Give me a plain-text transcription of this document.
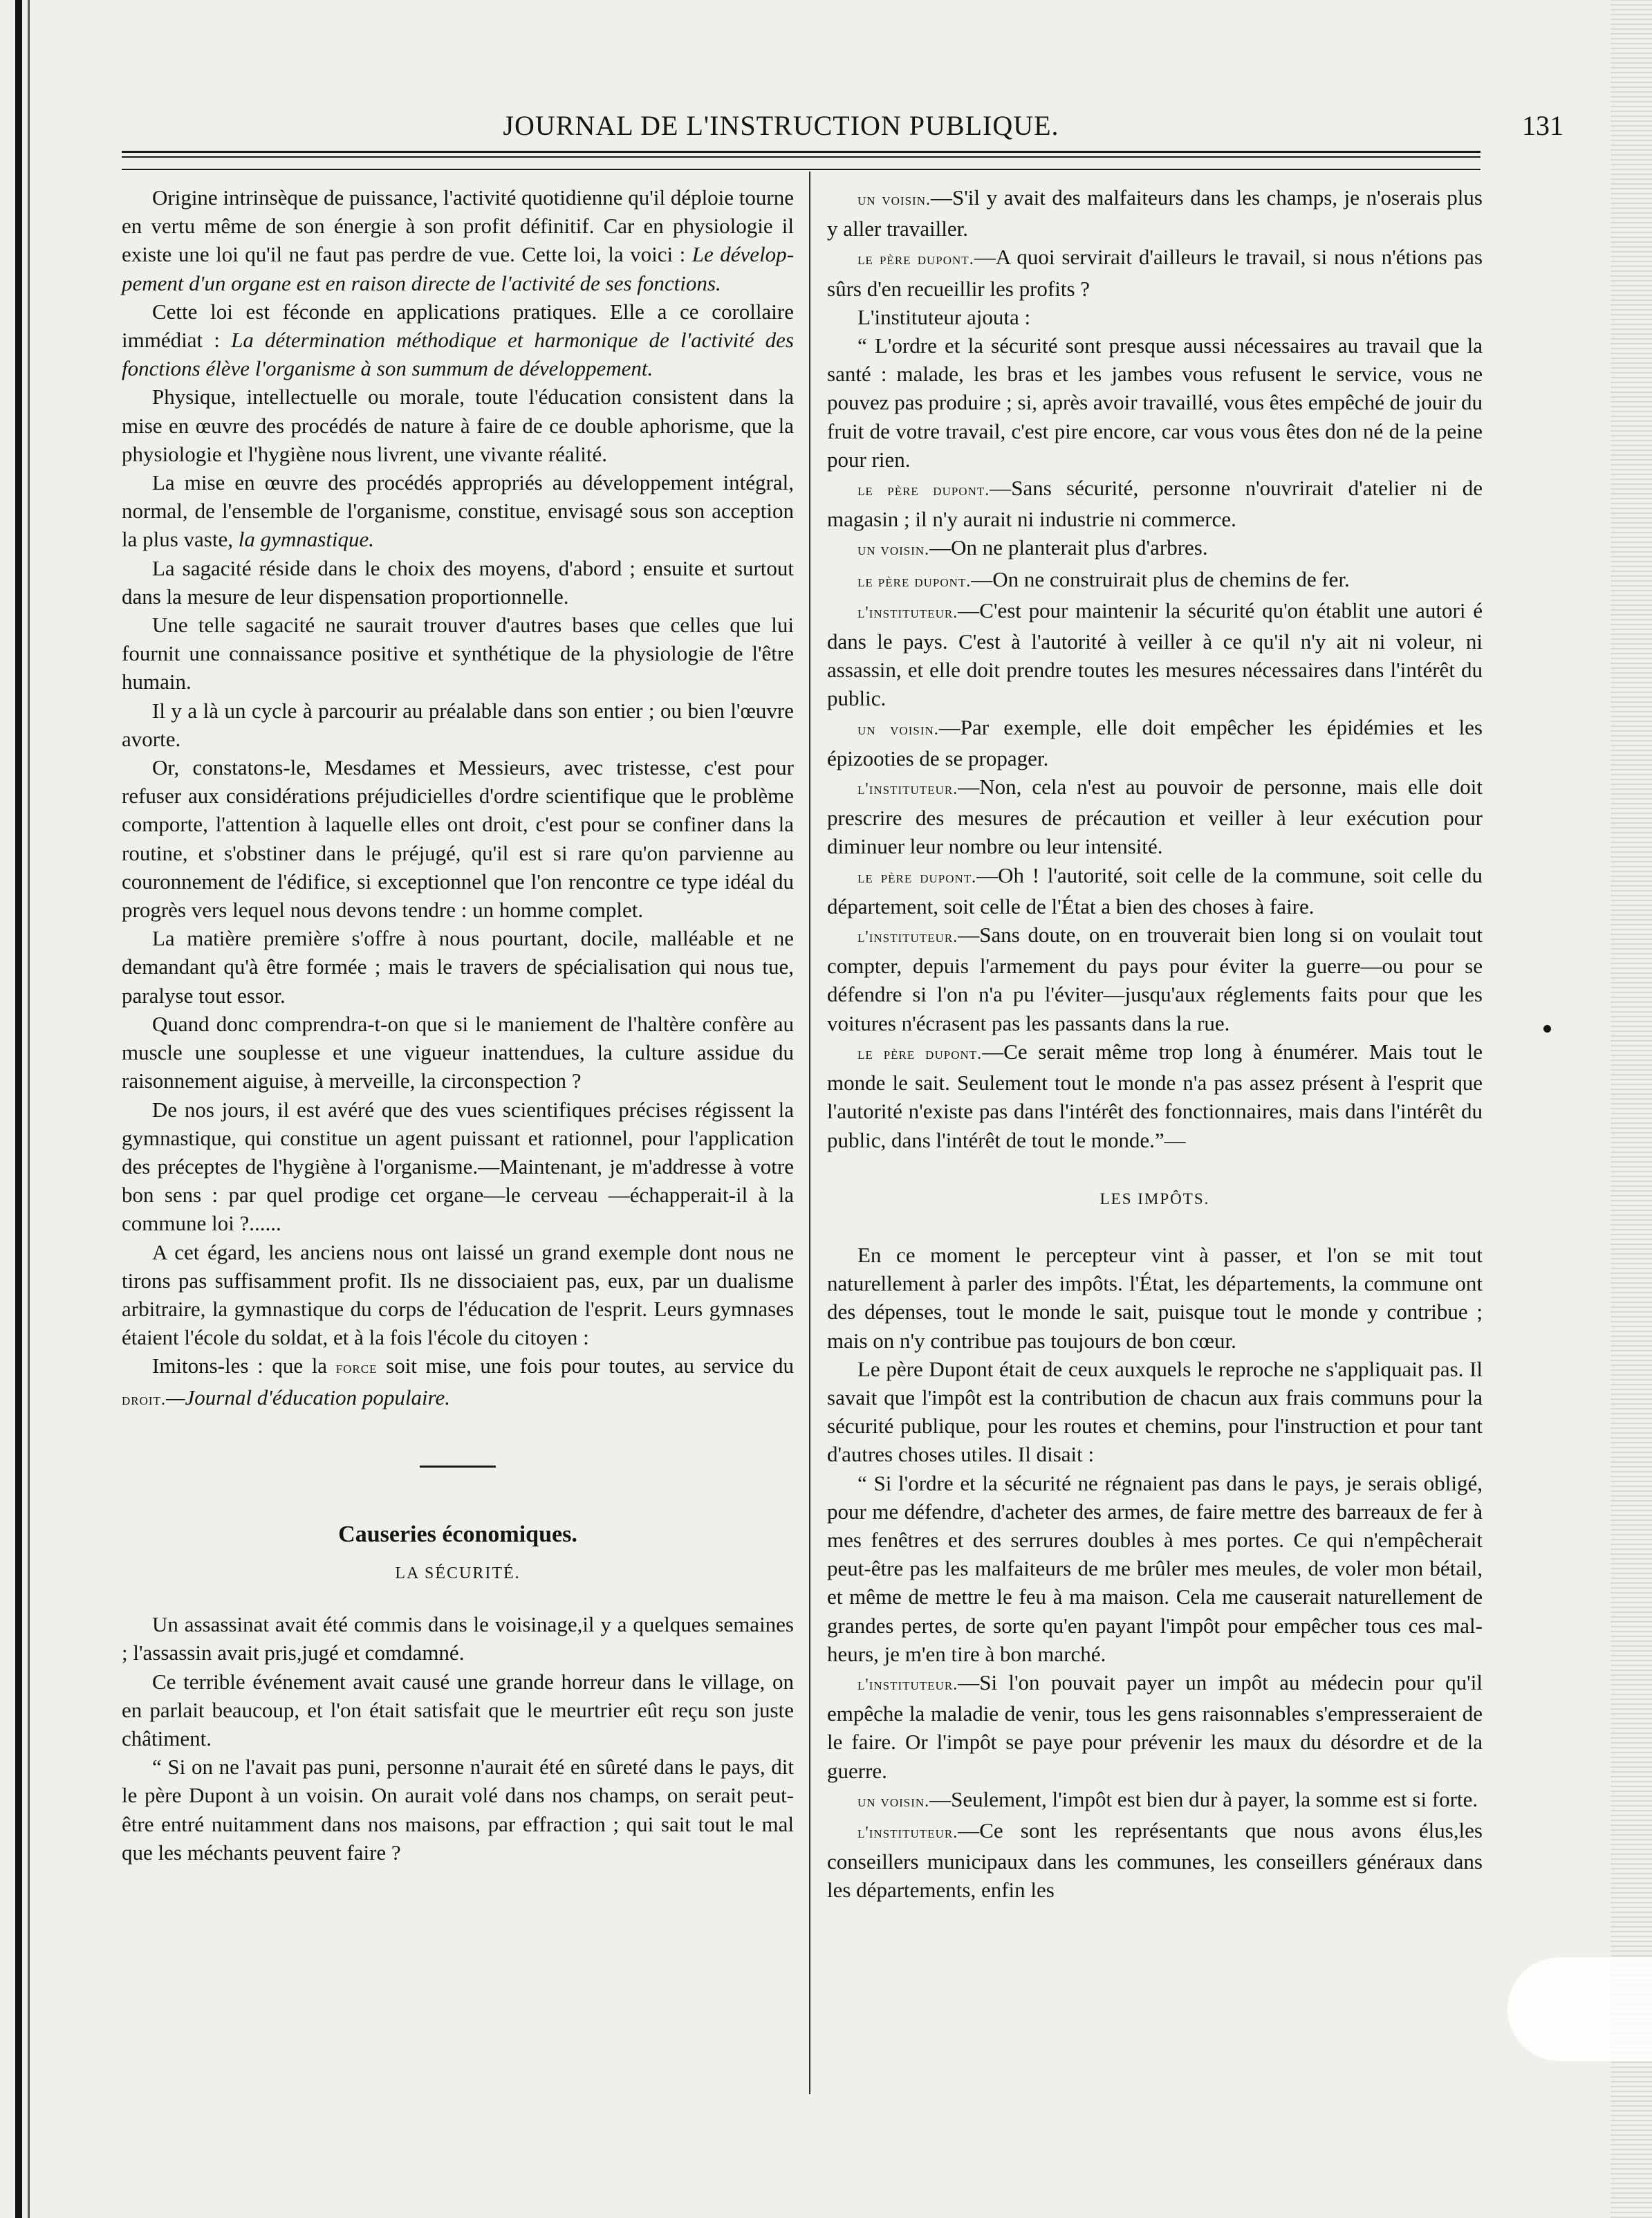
JOURNAL DE L'INSTRUCTION PUBLIQUE.	131

Origine intrinsèque de puissance, l'activité quotidienne qu'il déploie tourne en vertu même de son énergie à son profit définitif. Car en physiologie il existe une loi qu'il ne faut pas perdre de vue. Cette loi, la voici : Le développement d'un organe est en raison directe de l'activité de ses fonctions.

Cette loi est féconde en applications pratiques. Elle a ce corollaire immédiat : La détermination méthodique et harmonique de l'activité des fonctions élève l'organisme à son summum de développement.

Physique, intellectuelle ou morale, toute l'éducation consistent dans la mise en œuvre des procédés de nature à faire de ce double aphorisme, que la physiologie et l'hygiène nous livrent, une vivante réalité.

La mise en œuvre des procédés appropriés au développement intégral, normal, de l'ensemble de l'organisme, constitue, envisagé sous son acception la plus vaste, la gymnastique.

La sagacité réside dans le choix des moyens, d'abord ; ensuite et surtout dans la mesure de leur dispensation proportionnelle.

Une telle sagacité ne saurait trouver d'autres bases que celles que lui fournit une connaissance positive et synthétique de la physiologie de l'être humain.

Il y a là un cycle à parcourir au préalable dans son entier ; ou bien l'œuvre avorte.

Or, constatons-le, Mesdames et Messieurs, avec tristesse, c'est pour refuser aux considérations préjudicielles d'ordre scientifique que le problème comporte, l'attention à laquelle elles ont droit, c'est pour se confiner dans la routine, et s'obstiner dans le préjugé, qu'il est si rare qu'on parvienne au couronnement de l'édifice, si exceptionnel que l'on rencontre ce type idéal du progrès vers lequel nous devons tendre : un homme complet.

La matière première s'offre à nous pourtant, docile, malléable et ne demandant qu'à être formée ; mais le travers de spécialisation qui nous tue, paralyse tout essor.

Quand donc comprendra-t-on que si le maniement de l'haltère confère au muscle une souplesse et une vigueur inattendues, la culture assidue du raisonnement aiguise, à merveille, la circonspection ?

De nos jours, il est avéré que des vues scientifiques précises régissent la gymnastique, qui constitue un agent puissant et rationnel, pour l'application des préceptes de l'hygiène à l'organisme.—Maintenant, je m'addresse à votre bon sens : par quel prodige cet organe—le cerveau —échapperait-il à la commune loi ?......

A cet égard, les anciens nous ont laissé un grand exemple dont nous ne tirons pas suffisamment profit. Ils ne dissociaient pas, eux, par un dualisme arbitraire, la gymnastique du corps de l'éducation de l'esprit. Leurs gymnases étaient l'école du soldat, et à la fois l'école du citoyen :

Imitons-les : que la force soit mise, une fois pour toutes, au service du droit.—Journal d'éducation populaire.

Causeries économiques.

LA SÉCURITÉ.

Un assassinat avait été commis dans le voisinage,il y a quelques semaines ; l'assassin avait pris,jugé et comdamné.

Ce terrible événement avait causé une grande horreur dans le village, on en parlait beaucoup, et l'on était satisfait que le meurtrier eût reçu son juste châtiment.

“ Si on ne l'avait pas puni, personne n'aurait été en sûreté dans le pays, dit le père Dupont à un voisin. On aurait volé dans nos champs, on serait peut-être entré nuitamment dans nos maisons, par effraction ; qui sait tout le mal que les méchants peuvent faire ?

un voisin.—S'il y avait des malfaiteurs dans les champs, je n'oserais plus y aller travailler.

le père dupont.—A quoi servirait d'ailleurs le travail, si nous n'étions pas sûrs d'en recueillir les profits ?

L'instituteur ajouta :

“ L'ordre et la sécurité sont presque aussi nécessaires au travail que la santé : malade, les bras et les jambes vous refusent le service, vous ne pouvez pas produire ; si, après avoir travaillé, vous êtes empêché de jouir du fruit de votre travail, c'est pire encore, car vous vous êtes don né de la peine pour rien.

le père dupont.—Sans sécurité, personne n'ouvrirait d'atelier ni de magasin ; il n'y aurait ni industrie ni commerce.

un voisin.—On ne planterait plus d'arbres.

le père dupont.—On ne construirait plus de chemins de fer.

l'instituteur.—C'est pour maintenir la sécurité qu'on établit une autori é dans le pays. C'est à l'autorité à veiller à ce qu'il n'y ait ni voleur, ni assassin, et elle doit prendre toutes les mesures nécessaires dans l'intérêt du public.

un voisin.—Par exemple, elle doit empêcher les épidémies et les épizooties de se propager.

l'instituteur.—Non, cela n'est au pouvoir de personne, mais elle doit prescrire des mesures de précaution et veiller à leur exécution pour diminuer leur nombre ou leur intensité.

le père dupont.—Oh ! l'autorité, soit celle de la commune, soit celle du département, soit celle de l'État a bien des choses à faire.

l'instituteur.—Sans doute, on en trouverait bien long si on voulait tout compter, depuis l'armement du pays pour éviter la guerre—ou pour se défendre si l'on n'a pu l'éviter—jusqu'aux réglements faits pour que les voitures n'écrasent pas les passants dans la rue.

le père dupont.—Ce serait même trop long à énumérer. Mais tout le monde le sait. Seulement tout le monde n'a pas assez présent à l'esprit que l'autorité n'existe pas dans l'intérêt des fonctionnaires, mais dans l'intérêt du public, dans l'intérêt de tout le monde.”—

LES IMPÔTS.

En ce moment le percepteur vint à passer, et l'on se mit tout naturellement à parler des impôts. l'État, les départements, la commune ont des dépenses, tout le monde le sait, puisque tout le monde y contribue ; mais on n'y contribue pas toujours de bon cœur.

Le père Dupont était de ceux auxquels le reproche ne s'appliquait pas. Il savait que l'impôt est la contribution de chacun aux frais communs pour la sécurité publique, pour les routes et chemins, pour l'instruction et pour tant d'autres choses utiles. Il disait :

“ Si l'ordre et la sécurité ne régnaient pas dans le pays, je serais obligé, pour me défendre, d'acheter des armes, de faire mettre des barreaux de fer à mes fenêtres et des serrures doubles à mes portes. Ce qui n'empêcherait peut-être pas les malfaiteurs de me brûler mes meules, de voler mon bétail, et même de mettre le feu à ma maison. Cela me causerait naturellement de grandes pertes, de sorte qu'en payant l'impôt pour empêcher tous ces malheurs, je m'en tire à bon marché.

l'instituteur.—Si l'on pouvait payer un impôt au médecin pour qu'il empêche la maladie de venir, tous les gens raisonnables s'empresseraient de le faire. Or l'impôt se paye pour prévenir les maux du désordre et de la guerre.

un voisin.—Seulement, l'impôt est bien dur à payer, la somme est si forte.

l'instituteur.—Ce sont les représentants que nous avons élus,les conseillers municipaux dans les communes, les conseillers généraux dans les départements, enfin les
